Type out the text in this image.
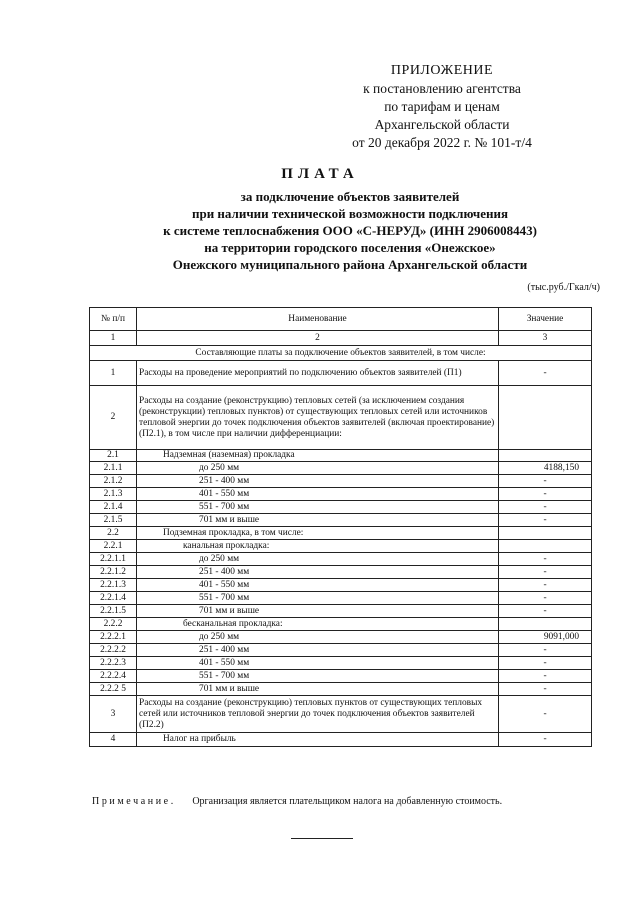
ПРИЛОЖЕНИЕ
к постановлению агентства
по тарифам и ценам
Архангельской области
от 20 декабря 2022 г. № 101-т/4
ПЛАТА
за подключение объектов заявителей
при наличии технической возможности подключения
к системе теплоснабжения ООО «С-НЕРУД» (ИНН 2906008443)
на территории городского поселения «Онежское»
Онежского муниципального района Архангельской области
(тыс.руб./Гкал/ч)
№ п/п	Наименование	Значение
1	2	3
Составляющие платы за подключение объектов заявителей, в том числе:		
1	Расходы на проведение мероприятий по подключению объектов заявителей (П1)	-
2	Расходы на создание (реконструкцию) тепловых сетей (за исключением создания (реконструкции) тепловых пунктов) от существующих тепловых сетей или источников тепловой энергии до точек подключения объектов заявителей (включая проектирование) (П2.1), в том числе при наличии дифференциации:	
2.1	Надземная (наземная) прокладка	
2.1.1	до 250 мм	4188,150
2.1.2	251 - 400 мм	-
2.1.3	401 - 550 мм	-
2.1.4	551 - 700 мм	-
2.1.5	701 мм и выше	-
2.2	Подземная прокладка, в том числе:	
2.2.1	канальная прокладка:	
2.2.1.1	до 250 мм	-
2.2.1.2	251 - 400 мм	-
2.2.1.3	401 - 550 мм	-
2.2.1.4	551 - 700 мм	-
2.2.1.5	701 мм и выше	-
2.2.2	бесканальная прокладка:	
2.2.2.1	до 250 мм	9091,000
2.2.2.2	251 - 400 мм	-
2.2.2.3	401 - 550 мм	-
2.2.2.4	551 - 700 мм	-
2.2.2 5	701 мм и выше	-
3	Расходы на создание (реконструкцию) тепловых пунктов от существующих тепловых сетей или источников тепловой энергии до точек подключения объектов заявителей (П2.2)	-
4	Налог на прибыль	-
Примечание. Организация является плательщиком налога на добавленную стоимость.
